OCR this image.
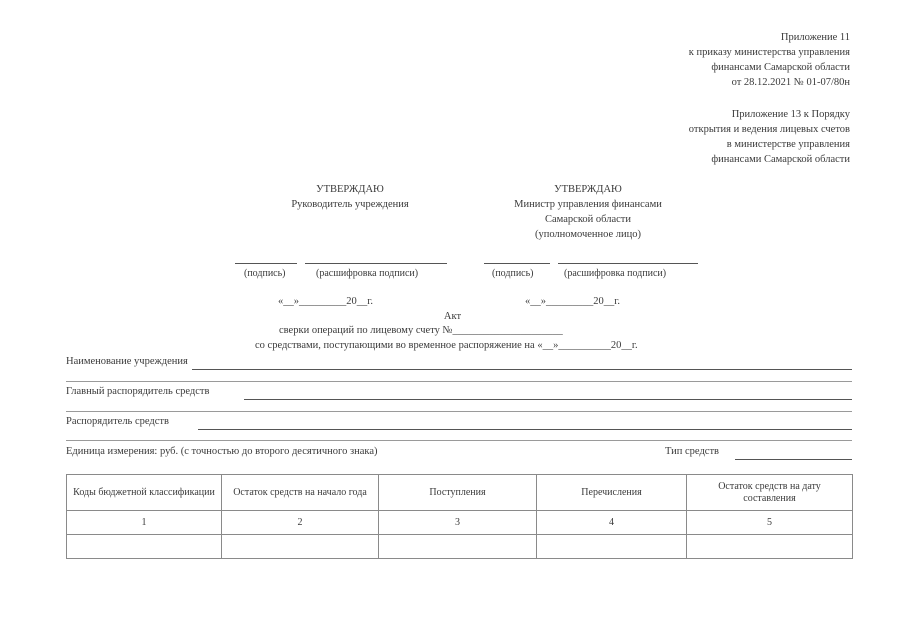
Приложение 11
к приказу министерства управления
финансами Самарской области
от 28.12.2021 № 01-07/80н
Приложение 13 к Порядку
открытия и ведения лицевых счетов
в министерстве управления
финансами Самарской области
УТВЕРЖДАЮ
Руководитель учреждения
УТВЕРЖДАЮ
Министр управления финансами
Самарской области
(уполномоченное лицо)
(подпись)	(расшифровка подписи)	(подпись)	(расшифровка подписи)
«__»_________20__г.	«__»_________20__г.
Акт
сверки операций по лицевому счету №_____________________
со средствами, поступающими во временное распоряжение на «__»__________20__г.
Наименование учреждения
Главный распорядитель средств
Распорядитель средств
Единица измерения: руб. (с точностью до второго десятичного знака)	Тип средств
Коды бюджетной классификации	Остаток средств на начало года	Поступления	Перечисления	Остаток средств на дату составления
1	2	3	4	5
